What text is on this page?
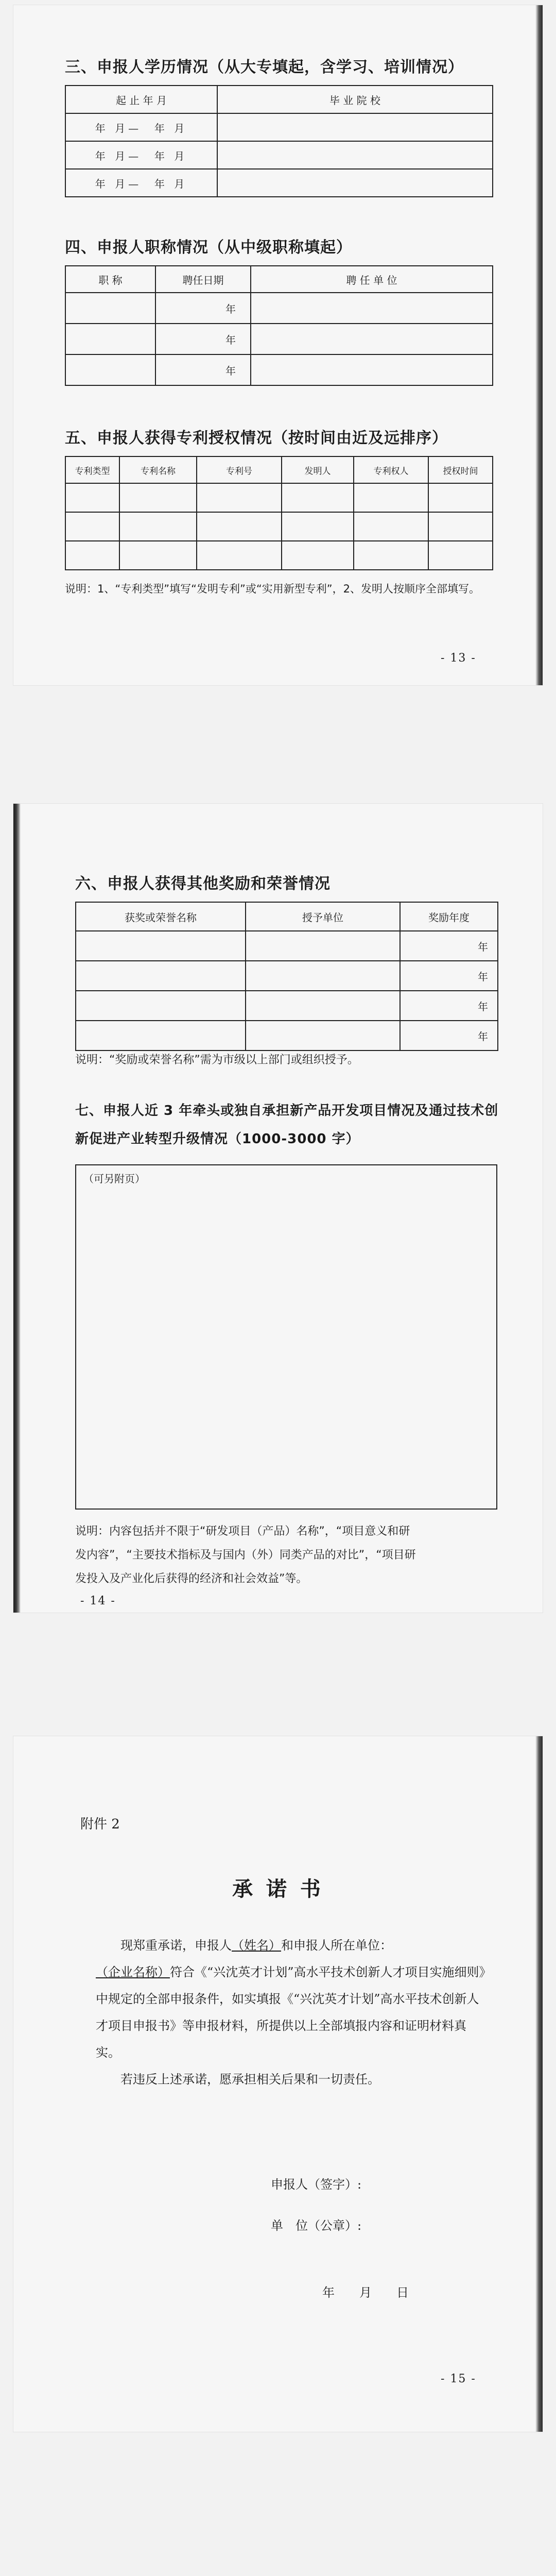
三、申报人学历情况（从大专填起，含学习、培训情况）
起 止 年 月	毕 业 院 校
年 月— 年 月	
年 月— 年 月	
年 月— 年 月	
四、申报人职称情况（从中级职称填起）
职 称	聘任日期	聘 任 单 位
	年	
	年	
	年	
五、申报人获得专利授权情况（按时间由近及远排序）
专利类型	专利名称	专利号	发明人	专利权人	授权时间

说明：1、“专利类型”填写“发明专利”或“实用新型专利”，2、发明人按顺序全部填写。
- 13 -
六、申报人获得其他奖励和荣誉情况
获奖或荣誉名称	授予单位	奖励年度
		年
		年
		年
		年
说明：“奖励或荣誉名称”需为市级以上部门或组织授予。
七、申报人近 3 年牵头或独自承担新产品开发项目情况及通过技术创
新促进产业转型升级情况（1000-3000 字）
（可另附页）
说明：内容包括并不限于“研发项目（产品）名称”，“项目意义和研
发内容”，“主要技术指标及与国内（外）同类产品的对比”，“项目研
发投入及产业化后获得的经济和社会效益”等。
- 14 -
附件 2
承 诺 书
现郑重承诺，申报人（姓名）和申报人所在单位：
（企业名称）符合《“兴沈英才计划”高水平技术创新人才项目实施细则》中规定的全部申报条件，如实填报《“兴沈英才计划”高水平技术创新人才项目申报书》等申报材料，所提供以上全部填报内容和证明材料真实。
若违反上述承诺，愿承担相关后果和一切责任。
申报人（签字）:
单　位（公章）:
年　　月　　日
- 15 -
